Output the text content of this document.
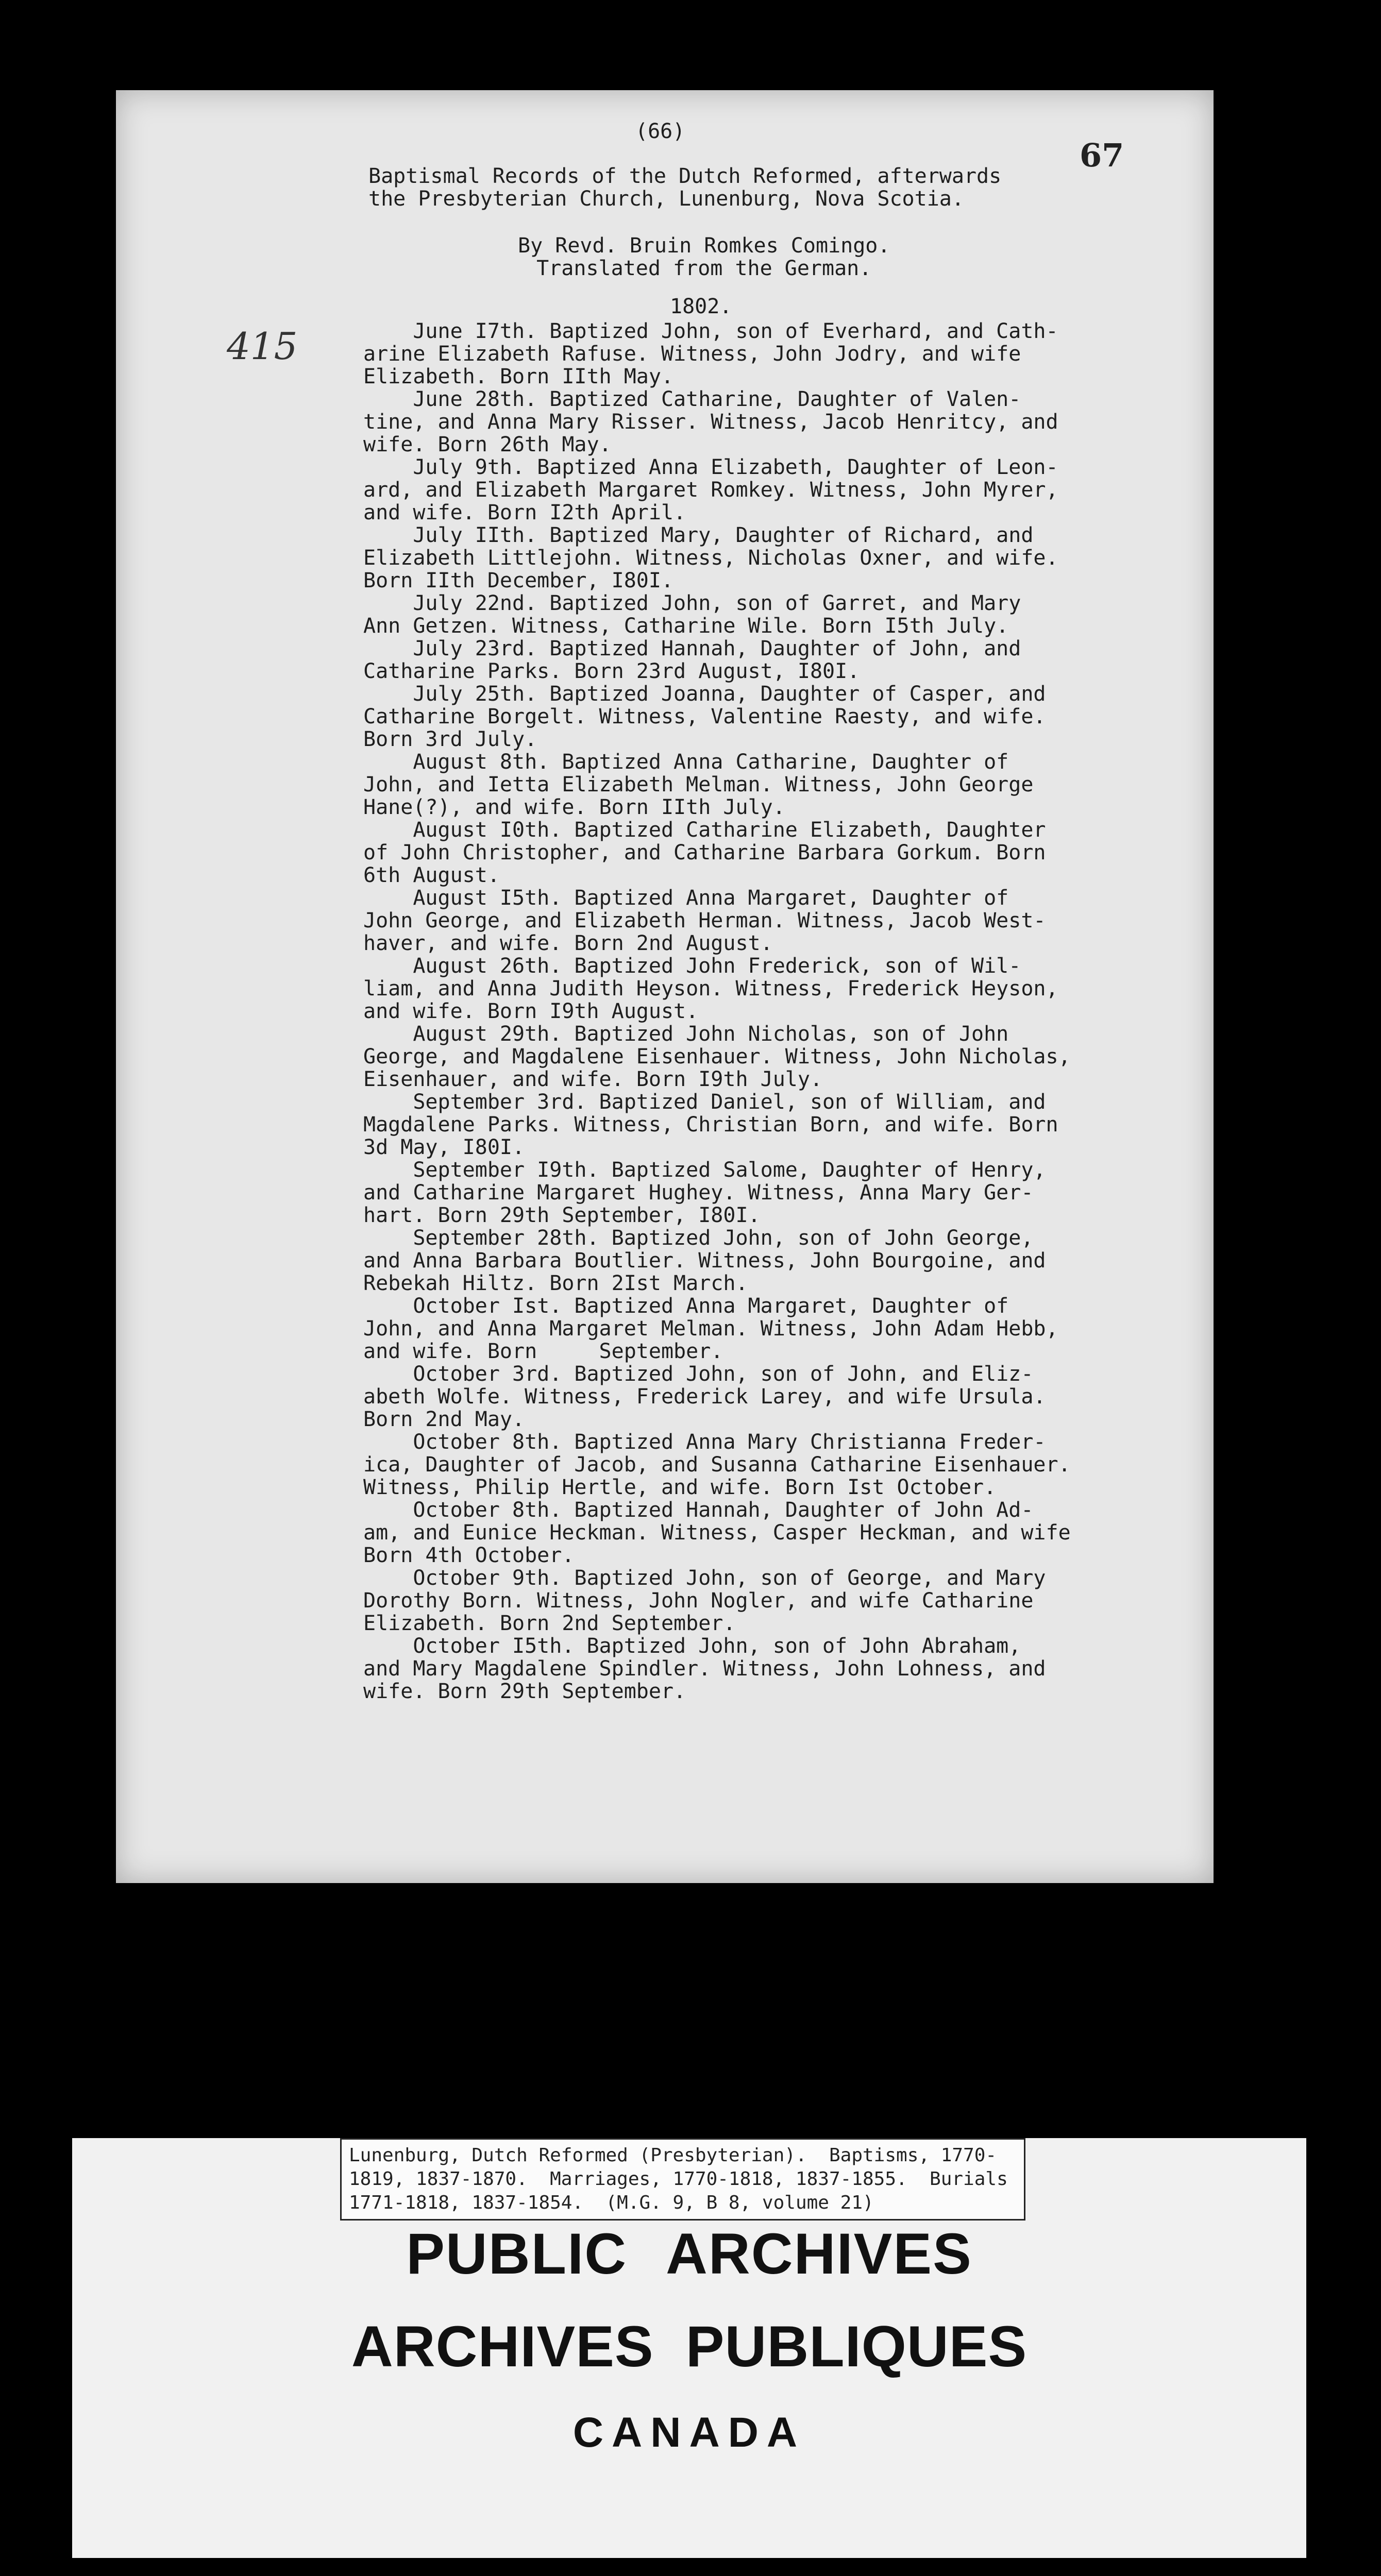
(66)
67
415

Baptismal Records of the Dutch Reformed, afterwards

the Presbyterian Church, Lunenburg, Nova Scotia.

By Revd. Bruin Romkes Comingo.

Translated from the German.

1802.

June I7th. Baptized John, son of Everhard, and Cath-

arine Elizabeth Rafuse. Witness, John Jodry, and wife

Elizabeth. Born IIth May.

June 28th. Baptized Catharine, Daughter of Valen-

tine, and Anna Mary Risser. Witness, Jacob Henritcy, and

wife. Born 26th May.

July 9th. Baptized Anna Elizabeth, Daughter of Leon-

ard, and Elizabeth Margaret Romkey. Witness, John Myrer,

and wife. Born I2th April.

July IIth. Baptized Mary, Daughter of Richard, and

Elizabeth Littlejohn. Witness, Nicholas Oxner, and wife.

Born IIth December, I80I.

July 22nd. Baptized John, son of Garret, and Mary

Ann Getzen. Witness, Catharine Wile. Born I5th July.

July 23rd. Baptized Hannah, Daughter of John, and

Catharine Parks. Born 23rd August, I80I.

July 25th. Baptized Joanna, Daughter of Casper, and

Catharine Borgelt. Witness, Valentine Raesty, and wife.

Born 3rd July.

August 8th. Baptized Anna Catharine, Daughter of

John, and Ietta Elizabeth Melman. Witness, John George

Hane(?), and wife. Born IIth July.

August I0th. Baptized Catharine Elizabeth, Daughter

of John Christopher, and Catharine Barbara Gorkum. Born

6th August.

August I5th. Baptized Anna Margaret, Daughter of

John George, and Elizabeth Herman. Witness, Jacob West-

haver, and wife. Born 2nd August.

August 26th. Baptized John Frederick, son of Wil-

liam, and Anna Judith Heyson. Witness, Frederick Heyson,

and wife. Born I9th August.

August 29th. Baptized John Nicholas, son of John

George, and Magdalene Eisenhauer. Witness, John Nicholas,

Eisenhauer, and wife. Born I9th July.

September 3rd. Baptized Daniel, son of William, and

Magdalene Parks. Witness, Christian Born, and wife. Born

3d May, I80I.

September I9th. Baptized Salome, Daughter of Henry,

and Catharine Margaret Hughey. Witness, Anna Mary Ger-

hart. Born 29th September, I80I.

September 28th. Baptized John, son of John George,

and Anna Barbara Boutlier. Witness, John Bourgoine, and

Rebekah Hiltz. Born 2Ist March.

October Ist. Baptized Anna Margaret, Daughter of

John, and Anna Margaret Melman. Witness, John Adam Hebb,

and wife. Born     September.

October 3rd. Baptized John, son of John, and Eliz-

abeth Wolfe. Witness, Frederick Larey, and wife Ursula.

Born 2nd May.

October 8th. Baptized Anna Mary Christianna Freder-

ica, Daughter of Jacob, and Susanna Catharine Eisenhauer.

Witness, Philip Hertle, and wife. Born Ist October.

October 8th. Baptized Hannah, Daughter of John Ad-

am, and Eunice Heckman. Witness, Casper Heckman, and wife

Born 4th October.

October 9th. Baptized John, son of George, and Mary

Dorothy Born. Witness, John Nogler, and wife Catharine

Elizabeth. Born 2nd September.

October I5th. Baptized John, son of John Abraham,

and Mary Magdalene Spindler. Witness, John Lohness, and

wife. Born 29th September.

Lunenburg, Dutch Reformed (Presbyterian).  Baptisms, 1770-

1819, 1837-1870.  Marriages, 1770-1818, 1837-1855.  Burials

1771-1818, 1837-1854.  (M.G. 9, B 8, volume 21)

PUBLIC ARCHIVES
ARCHIVES PUBLIQUES
CANADA
